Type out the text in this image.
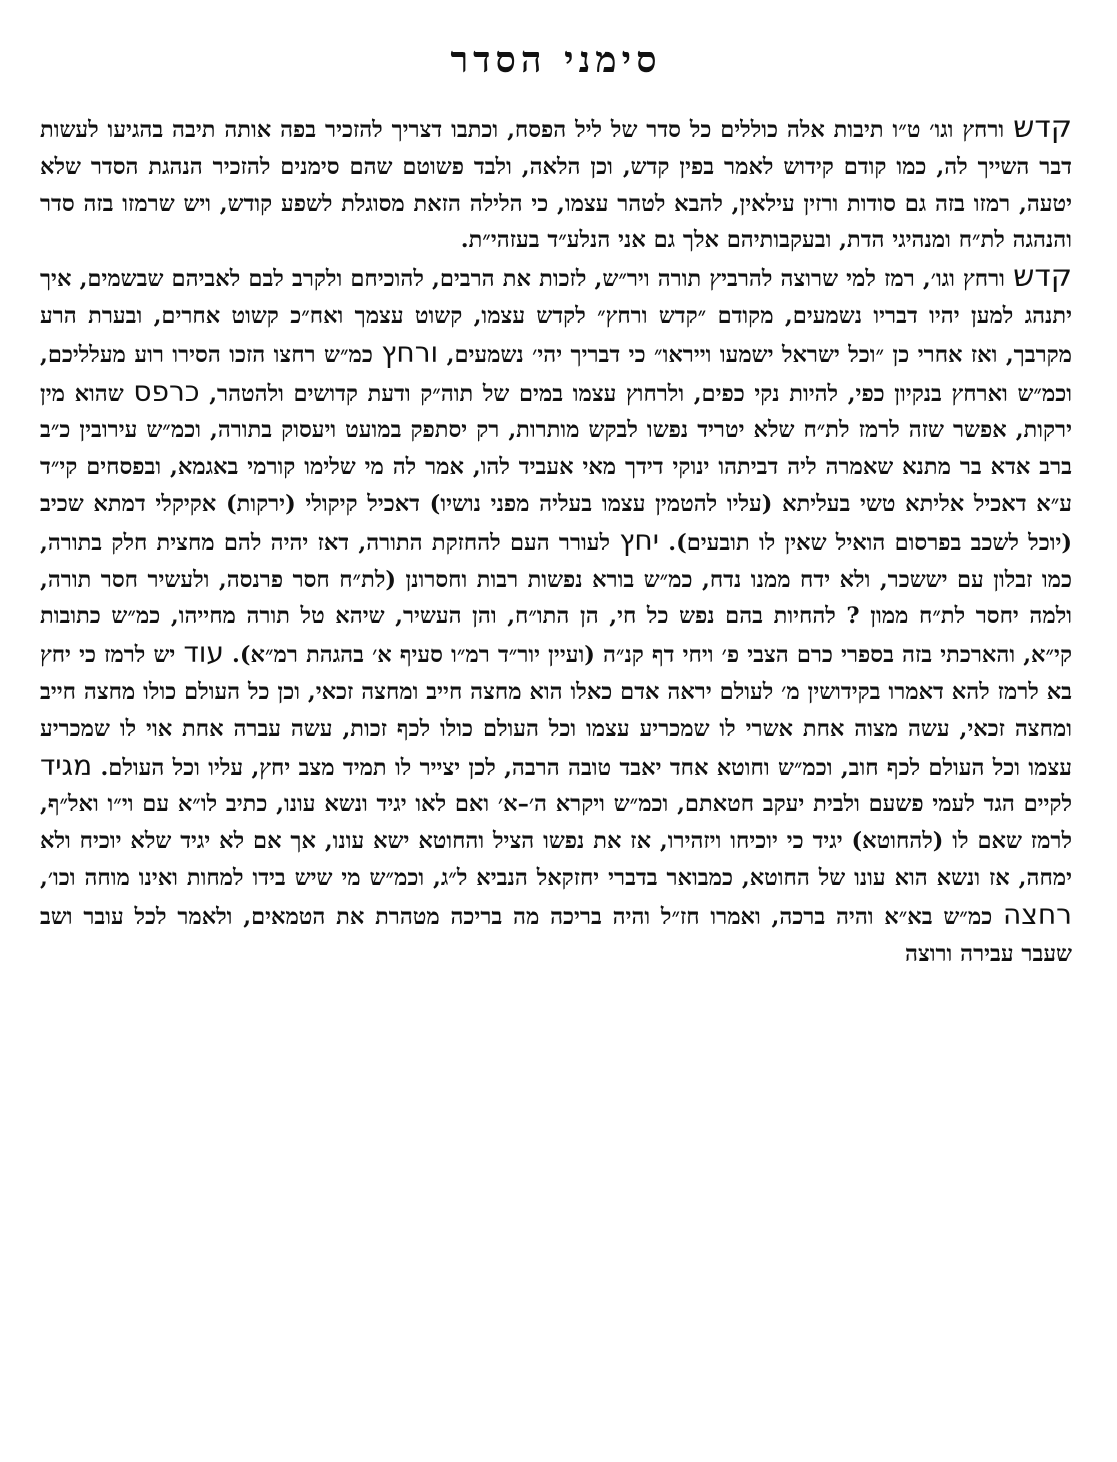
סימני הסדר

קדש ורחץ וגו׳ ט״ו תיבות אלה כוללים כל סדר של ליל הפסח, וכתבו דצריך להזכיר בפה אותה תיבה בהגיעו לעשות דבר השייך לה, כמו קודם קידוש לאמר בפין קדש, וכן הלאה, ולבד פשוטם שהם סימנים להזכיר הנהגת הסדר שלא יטעה, רמזו בזה גם סודות ורזין עילאין, להבא לטהר עצמו, כי הלילה הזאת מסוגלת לשפע קודש, ויש שרמזו בזה סדר והנהגה לת״ח ומנהיגי הדת, ובעקבותיהם אלך גם אני הנלע״ד בעזהי״ת.

קדש ורחץ וגו׳, רמז למי שרוצה להרביץ תורה ויר״ש, לזכות את הרבים, להוכיחם ולקרב לבם לאביהם שבשמים, איך יתנהג למען יהיו דבריו נשמעים, מקודם ״קדש ורחץ״ לקדש עצמו, קשוט עצמך ואח״כ קשוט אחרים, ובערת הרע מקרבך, ואז אחרי כן ״וכל ישראל ישמעו וייראו״ כי דבריך יהי׳ נשמעים, ורחץ כמ״ש רחצו הזכו הסירו רוע מעלליכם, וכמ״ש וארחץ בנקיון כפי, להיות נקי כפים, ולרחוץ עצמו במים של תוה״ק ודעת קדושים ולהטהר, כרפס שהוא מין ירקות, אפשר שזה לרמז לת״ח שלא יטריד נפשו לבקש מותרות, רק יסתפק במועט ויעסוק בתורה, וכמ״ש עירובין כ״ב ברב אדא בר מתנא שאמרה ליה דביתהו ינוקי דידך מאי אעביד להו, אמר לה מי שלימו קורמי באגמא, ובפסחים קי״ד ע״א דאכיל אליתא טשי בעליתא (עליו להטמין עצמו בעליה מפני נושיו) דאכיל קיקולי (ירקות) אקיקלי דמתא שכיב (יוכל לשכב בפרסום הואיל שאין לו תובעים). יחץ לעורר העם להחזקת התורה, דאז יהיה להם מחצית חלק בתורה, כמו זבלון עם יששכר, ולא ידח ממנו נדח, כמ״ש בורא נפשות רבות וחסרונן (לת״ח חסר פרנסה, ולעשיר חסר תורה, ולמה יחסר לת״ח ממון ? להחיות בהם נפש כל חי, הן התו״ח, והן העשיר, שיהא טל תורה מחייהו, כמ״ש כתובות קי״א, והארכתי בזה בספרי כרם הצבי פ׳ ויחי דף קנ״ה (ועיין יור״ד רמ״ו סעיף א׳ בהגהת רמ״א). עוד יש לרמז כי יחץ בא לרמז להא דאמרו בקידושין מ׳ לעולם יראה אדם כאלו הוא מחצה חייב ומחצה זכאי, וכן כל העולם כולו מחצה חייב ומחצה זכאי, עשה מצוה אחת אשרי לו שמכריע עצמו וכל העולם כולו לכף זכות, עשה עברה אחת אוי לו שמכריע עצמו וכל העולם לכף חוב, וכמ״ש וחוטא אחד יאבד טובה הרבה, לכן יצייר לו תמיד מצב יחץ, עליו וכל העולם. מגיד לקיים הגד לעמי פשעם ולבית יעקב חטאתם, וכמ״ש ויקרא ה׳–א׳ ואם לאו יגיד ונשא עונו, כתיב לו״א עם וי״ו ואל״ף, לרמז שאם לו (להחוטא) יגיד כי יוכיחו ויזהירו, אז את נפשו הציל והחוטא ישא עונו, אך אם לא יגיד שלא יוכיח ולא ימחה, אז ונשא הוא עונו של החוטא, כמבואר בדברי יחזקאל הנביא ל״ג, וכמ״ש מי שיש בידו למחות ואינו מוחה וכו׳, רחצה כמ״ש בא״א והיה ברכה, ואמרו חז״ל והיה בריכה מה בריכה מטהרת את הטמאים, ולאמר לכל עובר ושב שעבר עבירה ורוצה
